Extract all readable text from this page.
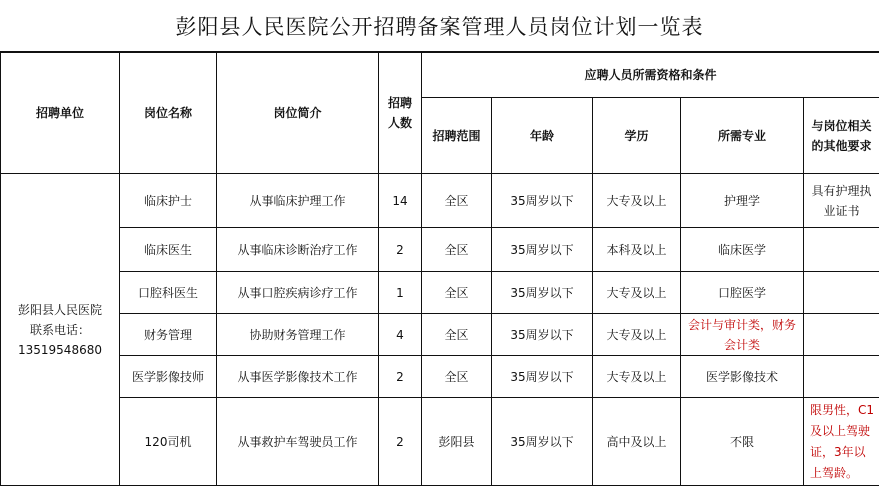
彭阳县人民医院公开招聘备案管理人员岗位计划一览表
招聘单位	岗位名称	岗位简介	招聘人数	应聘人员所需资格和条件				
				招聘范围	年龄	学历	所需专业	与岗位相关的其他要求

彭阳县人民医院
联系电话：
13519548680	临床护士	从事临床护理工作	14	全区	35周岁以下	大专及以上	护理学	具有护理执业证书
	临床医生	从事临床诊断治疗工作	2	全区	35周岁以下	本科及以上	临床医学	
	口腔科医生	从事口腔疾病诊疗工作	1	全区	35周岁以下	大专及以上	口腔医学	
	财务管理	协助财务管理工作	4	全区	35周岁以下	大专及以上	会计与审计类，财务会计类	
	医学影像技师	从事医学影像技术工作	2	全区	35周岁以下	大专及以上	医学影像技术	
	120司机	从事救护车驾驶员工作	2	彭阳县	35周岁以下	高中及以上	不限	限男性，C1及以上驾驶证，3年以上驾龄。
